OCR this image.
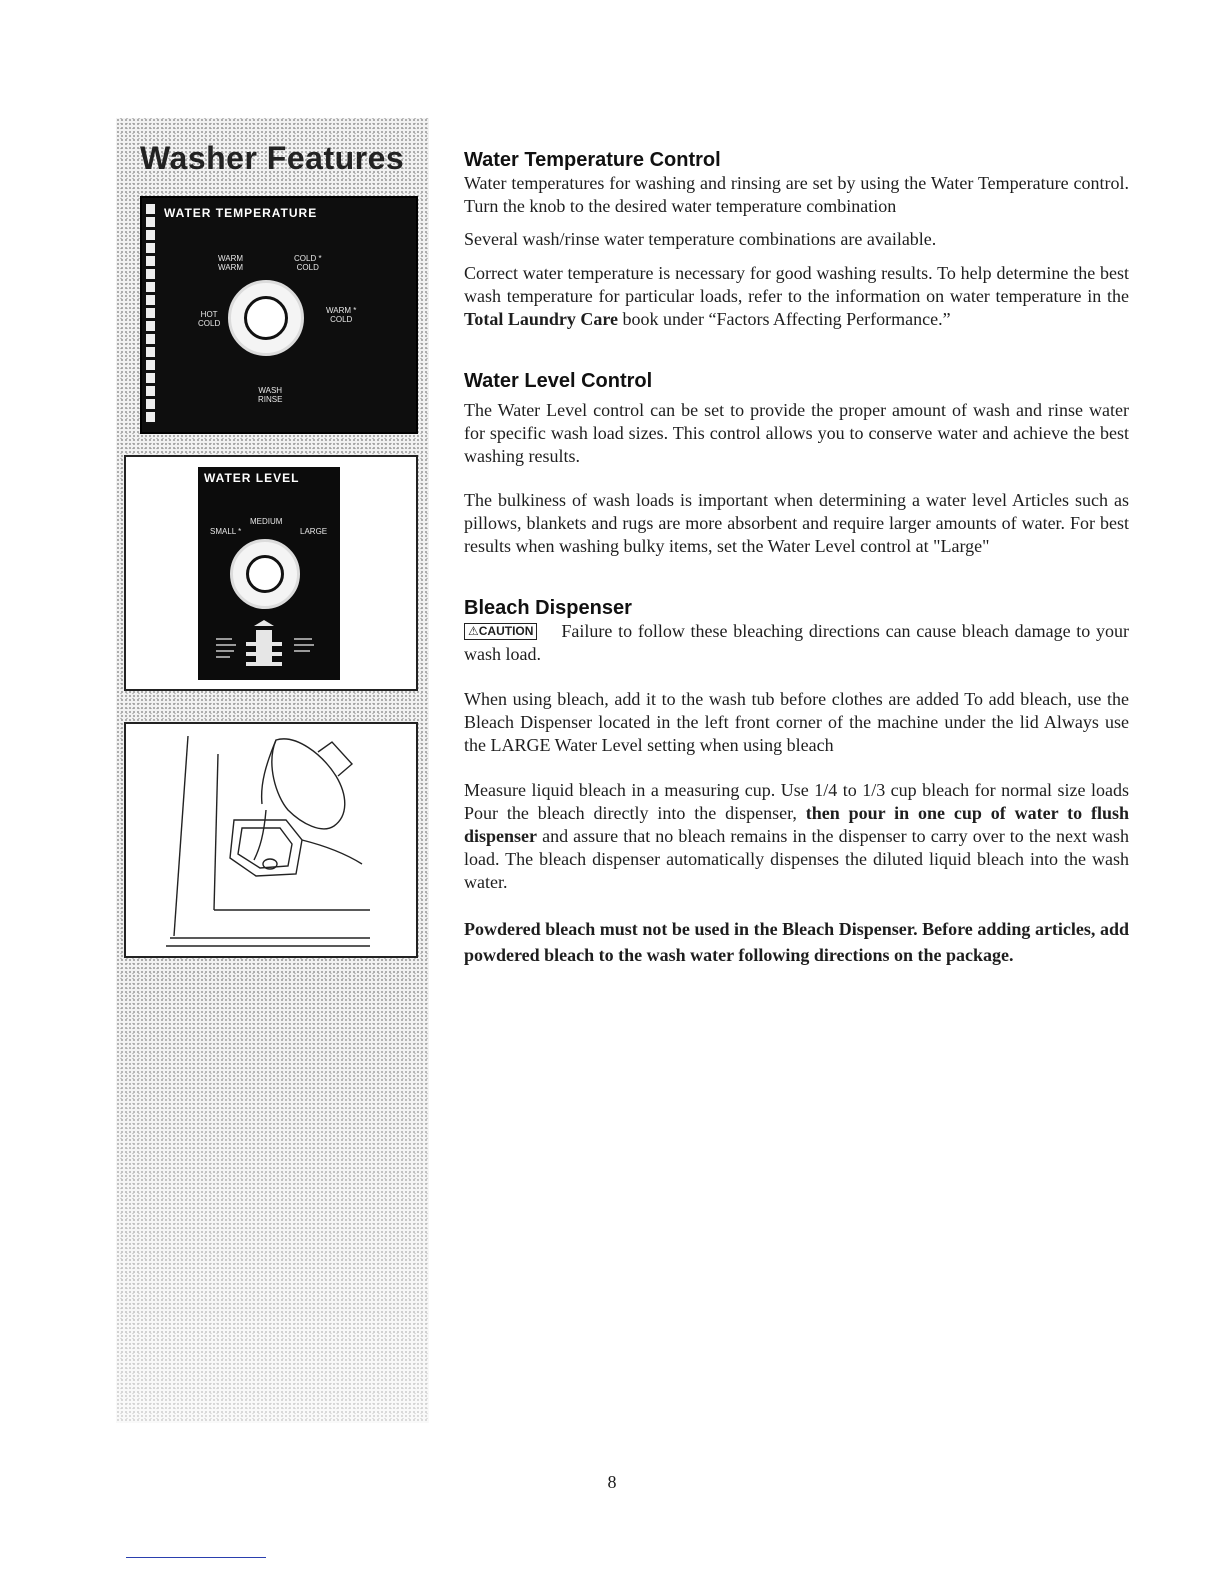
Washer Features
WATER TEMPERATURE
WARM
WARM
COLD *
COLD
HOT
COLD
WARM *
COLD
WASH
RINSE
WATER LEVEL
MEDIUM
SMALL *	LARGE
Water Temperature Control

Water temperatures for washing and rinsing are set by using the Water Temperature control. Turn the knob to the desired water temperature combination

Several wash/rinse water temperature combinations are available.

Correct water temperature is necessary for good washing results. To help determine the best wash temperature for particular loads, refer to the information on water temperature in the Total Laundry Care book under “Factors Affecting Performance.”

Water Level Control

The Water Level control can be set to provide the proper amount of wash and rinse water for specific wash load sizes. This control allows you to conserve water and achieve the best washing results.

The bulkiness of wash loads is important when determining a water level Articles such as pillows, blankets and rugs are more absorbent and require larger amounts of water. For best results when washing bulky items, set the Water Level control at "Large"

Bleach Dispenser

⚠CAUTION Failure to follow these bleaching directions can cause bleach damage to your wash load.

When using bleach, add it to the wash tub before clothes are added To add bleach, use the Bleach Dispenser located in the left front corner of the machine under the lid Always use the LARGE Water Level setting when using bleach

Measure liquid bleach in a measuring cup. Use 1/4 to 1/3 cup bleach for normal size loads Pour the bleach directly into the dispenser, then pour in one cup of water to flush dispenser and assure that no bleach remains in the dispenser to carry over to the next wash load. The bleach dispenser automatically dispenses the diluted liquid bleach into the wash water.

Powdered bleach must not be used in the Bleach Dispenser. Before adding articles, add powdered bleach to the wash water following directions on the package.

8
